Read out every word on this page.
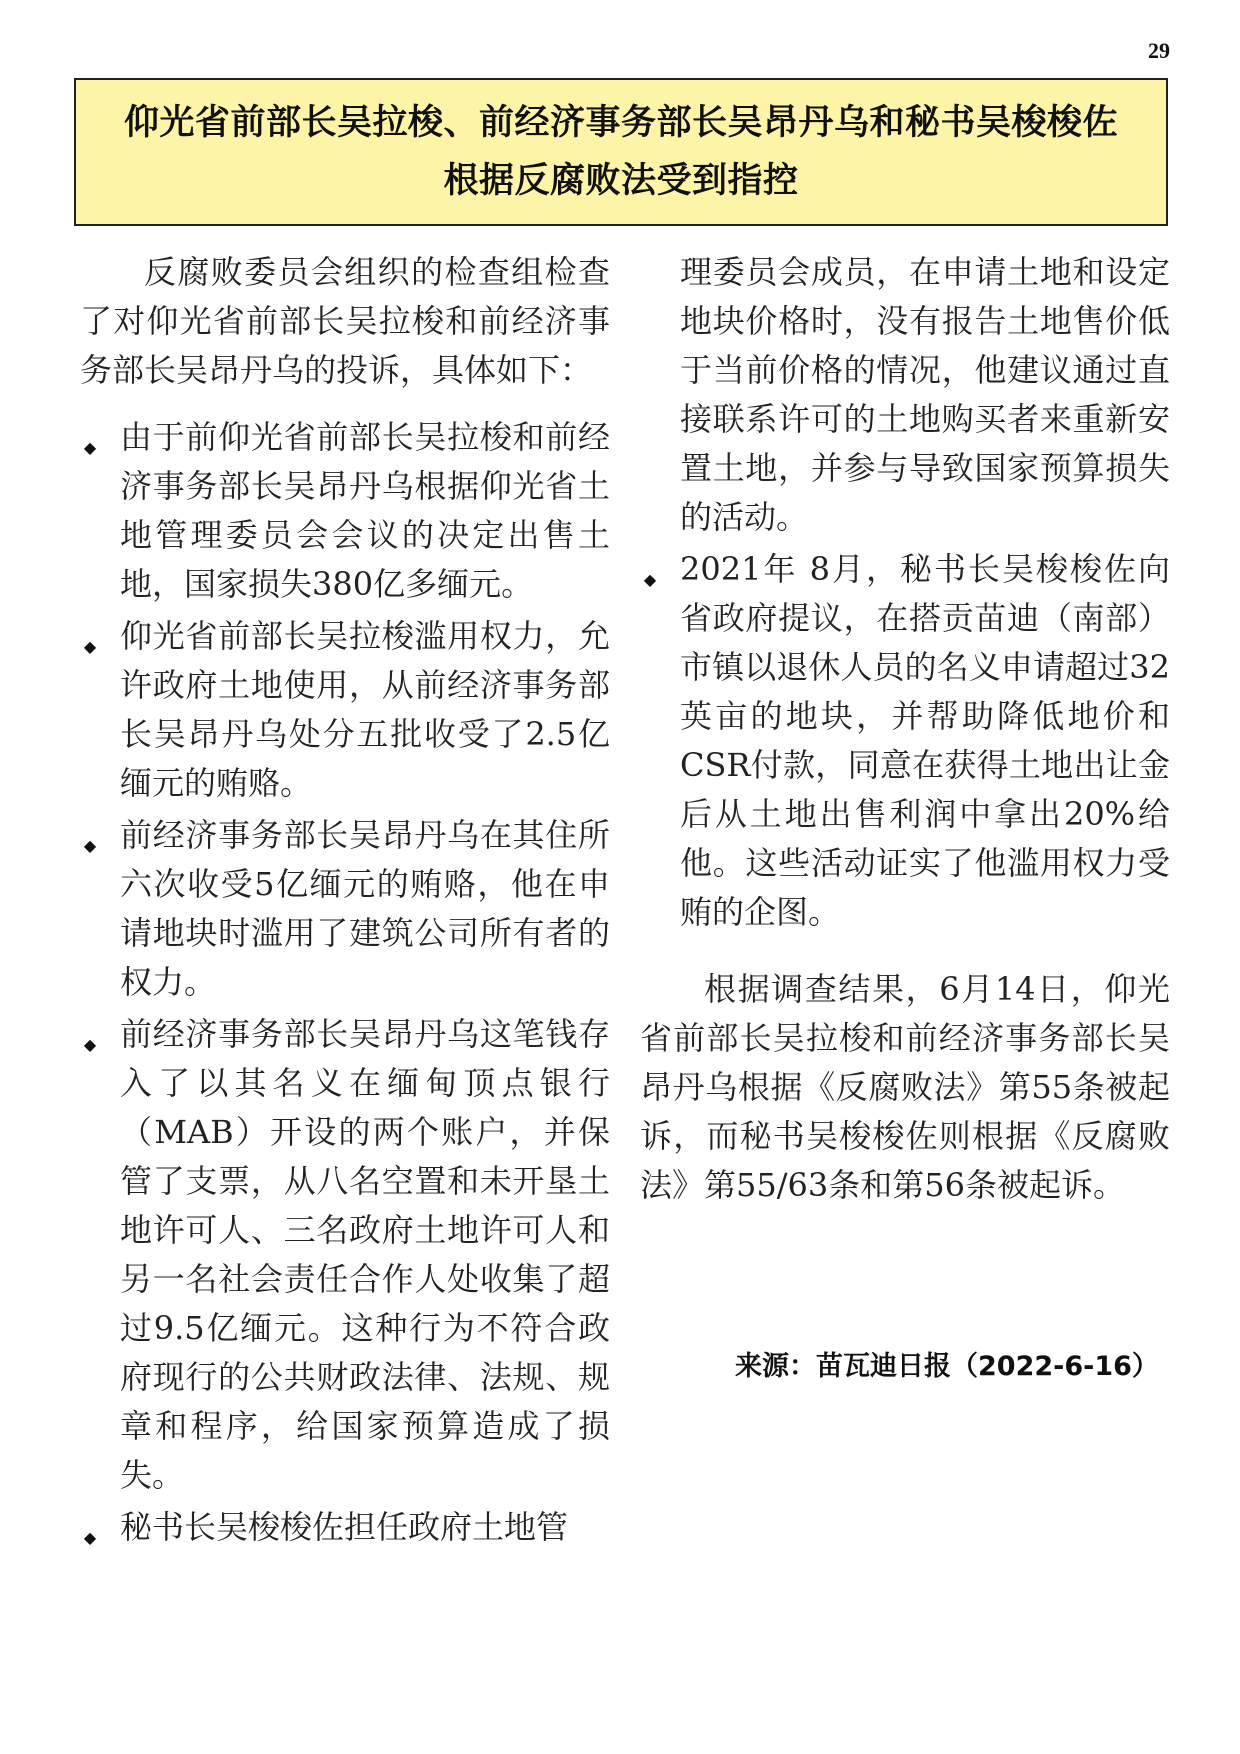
29
仰光省前部长吴拉梭、前经济事务部长吴昂丹乌和秘书吴梭梭佐
根据反腐败法受到指控

反腐败委员会组织的检查组检查了对仰光省前部长吴拉梭和前经济事务部长吴昂丹乌的投诉，具体如下：

◆ 由于前仰光省前部长吴拉梭和前经济事务部长吴昂丹乌根据仰光省土地管理委员会会议的决定出售土地，国家损失380亿多缅元。
◆ 仰光省前部长吴拉梭滥用权力，允许政府土地使用，从前经济事务部长吴昂丹乌处分五批收受了2.5亿缅元的贿赂。
◆ 前经济事务部长吴昂丹乌在其住所六次收受5亿缅元的贿赂，他在申请地块时滥用了建筑公司所有者的权力。
◆ 前经济事务部长吴昂丹乌这笔钱存入了以其名义在缅甸顶点银行（MAB）开设的两个账户，并保管了支票，从八名空置和未开垦土地许可人、三名政府土地许可人和另一名社会责任合作人处收集了超过9.5亿缅元。这种行为不符合政府现行的公共财政法律、法规、规章和程序，给国家预算造成了损失。
◆ 秘书长吴梭梭佐担任政府土地管

理委员会成员，在申请土地和设定地块价格时，没有报告土地售价低于当前价格的情况，他建议通过直接联系许可的土地购买者来重新安置土地，并参与导致国家预算损失的活动。

◆ 2021年 8月，秘书长吴梭梭佐向省政府提议，在搭贡苗迪（南部）市镇以退休人员的名义申请超过32英亩的地块，并帮助降低地价和CSR付款，同意在获得土地出让金后从土地出售利润中拿出20%给他。这些活动证实了他滥用权力受贿的企图。

根据调查结果，6月14日，仰光省前部长吴拉梭和前经济事务部长吴昂丹乌根据《反腐败法》第55条被起诉，而秘书吴梭梭佐则根据《反腐败法》第55/63条和第56条被起诉。

来源：苗瓦迪日报（2022-6-16）
